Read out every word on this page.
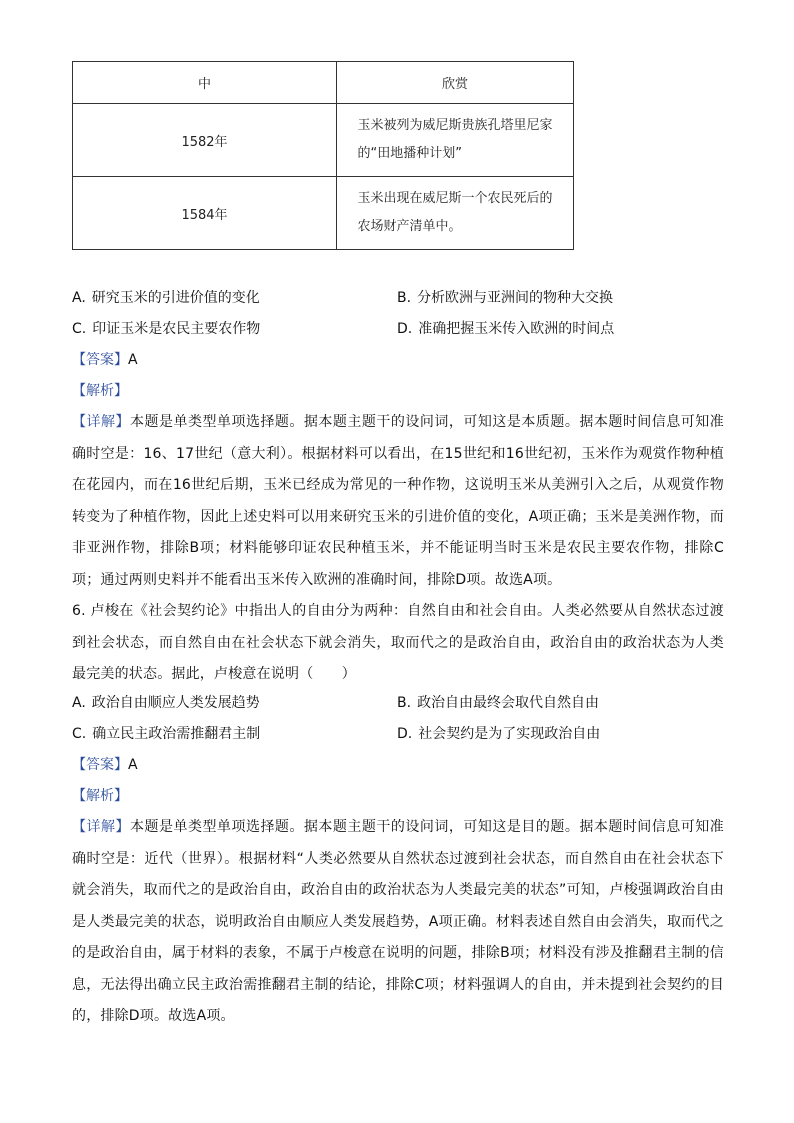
中	欣赏
1582年	玉米被列为威尼斯贵族孔塔里尼家
的“田地播种计划”
1584年	玉米出现在威尼斯一个农民死后的
农场财产清单中。
A. 研究玉米的引进价值的变化	B. 分析欧洲与亚洲间的物种大交换
C. 印证玉米是农民主要农作物	D. 准确把握玉米传入欧洲的时间点
【答案】A
【解析】
【详解】本题是单类型单项选择题。据本题主题干的设问词，可知这是本质题。据本题时间信息可知准确时空是：16、17世纪（意大利）。根据材料可以看出，在15世纪和16世纪初，玉米作为观赏作物种植在花园内，而在16世纪后期，玉米已经成为常见的一种作物，这说明玉米从美洲引入之后，从观赏作物转变为了种植作物，因此上述史料可以用来研究玉米的引进价值的变化，A项正确；玉米是美洲作物，而非亚洲作物，排除B项；材料能够印证农民种植玉米，并不能证明当时玉米是农民主要农作物，排除C项；通过两则史料并不能看出玉米传入欧洲的准确时间，排除D项。故选A项。
6. 卢梭在《社会契约论》中指出人的自由分为两种：自然自由和社会自由。人类必然要从自然状态过渡到社会状态，而自然自由在社会状态下就会消失，取而代之的是政治自由，政治自由的政治状态为人类最完美的状态。据此，卢梭意在说明（　　）
A. 政治自由顺应人类发展趋势	B. 政治自由最终会取代自然自由
C. 确立民主政治需推翻君主制	D. 社会契约是为了实现政治自由
【答案】A
【解析】
【详解】本题是单类型单项选择题。据本题主题干的设问词，可知这是目的题。据本题时间信息可知准确时空是：近代（世界）。根据材料“人类必然要从自然状态过渡到社会状态，而自然自由在社会状态下就会消失，取而代之的是政治自由，政治自由的政治状态为人类最完美的状态”可知，卢梭强调政治自由是人类最完美的状态，说明政治自由顺应人类发展趋势，A项正确。材料表述自然自由会消失，取而代之的是政治自由，属于材料的表象，不属于卢梭意在说明的问题，排除B项；材料没有涉及推翻君主制的信息，无法得出确立民主政治需推翻君主制的结论，排除C项；材料强调人的自由，并未提到社会契约的目的，排除D项。故选A项。
